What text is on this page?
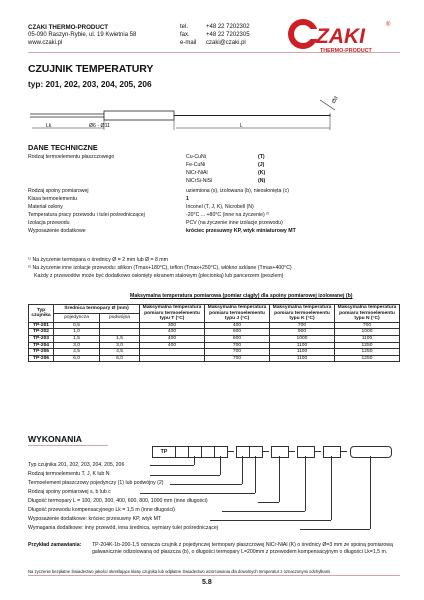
CZAKI THERMO-PRODUCT
05-090 Raszyn-Rybie, ul. 19 Kwietnia 58
www.czaki.pl
tel.	+48 22 7202302
fax.	+48 22 7202305
e-mail czaki@czaki.pl	ZAKI
THERMO-PRODUCT
®
CZUJNIK TEMPERATURY
typ: 201, 202, 203, 204, 205, 206
Lk	Ø6 - Ø11	L
Ød
DANE TECHNICZNE
Rodzaj termoelementu płaszczowego	Cu-CuNi	(T)
Fe-CuNi	(J)
NiCr-NiAl	(K)
NiCrSi-NiSi	(N)
Rodzaj spoiny pomiarowej	uziemiona (s), izolowana (b), nieosłonięta (c)
Klasa termoelementu	1
Materiał osłony	Inconel (T, J, K), Nicrobell (N)
Temperatura pracy przewodu i tulei pośredniczącej	-20°C ... +80°C (inne na życzenie) ²⁾
Izolacja przewodu	PCV (na życzenie inne izolacje przewodu)
Wyposażenie dodatkowe	króciec przesuwny KP, wtyk miniaturowy MT
¹⁾ Na życzenie termopara o średnicy Ø = 2 mm lub Ø = 8 mm
²⁾ Na życzenie inne izolacje przewodu: silikon (Tmax+180°C), teflon (Tmax+250°C), włókno szklane (Tmax+400°C)
Każdy z przewodów może być dodatkowo osłonięty ekranem stalowym (plecionką) lub pancerzem (peszlem)
Maksymalna temperatura pomiarowa (pomiar ciągły) dla spoiny pomiarowej izolowanej (b)
Typ czujnika	Średnica termopary Ø (mm)		Maksymalna temperatura pomiaru termoelementu typu T (°C)	Maksymalna temperatura pomiaru termoelementu typu J (°C)	Maksymalna temperatura pomiaru termoelementu typu K (°C)	Maksymalna temperatura pomiaru termoelementu typu N (°C)
	pojedyncza	podwójna				
TP-201	0,5		300	400	700	700
TP-202	1,0		400	600	900	1000
TP-203	1,5	1,5	400	600	1000	1100
TP-204	3,0	3,0	400	700	1100	1250
TP-205	4,5	4,5		700	1100	1250
TP-206	6,0	6,0		700	1100	1250
WYKONANIA
TP
Typ czujnika 201, 202, 203, 204, 205, 206
Rodzaj termoelementu T, J, K lub N
Termoelement płaszczowy pojedynczy (1) lub podwójny (2)
Rodzaj spoiny pomiarowej s, b lub c
Długość termopary L = 100, 200, 300, 400, 600, 800, 1000 mm (inne długości)
Długość przewodu kompensacyjnego Lk = 1,5 m (inne długości)
Wyposażenie dodatkowe: króciec przesuwny KP, wtyk MT
Wymagania dodatkowe: inny przewód, inna średnica, wymiary tulei pośredniczącej
Przykład zamawiania: TP-204K-1b-200-1,5 oznacza czujnik z pojedynczej termopary płaszczowej NiCr-NiAl (K) o średnicy Ø=3 mm ze spoiną pomiarową galwanicznie odizolowaną od płaszcza (b), o długości termopary L=200mm z przewodem kompensacyjnym o długości Lk=1,5 m.
Na życzenie bezpłatne Świadectwo jakości określające klasę czujnika lub odpłatne Świadectwo wzorcowania dla dowolnych temperatur z oznaczonymi odchyłkami
5.8
